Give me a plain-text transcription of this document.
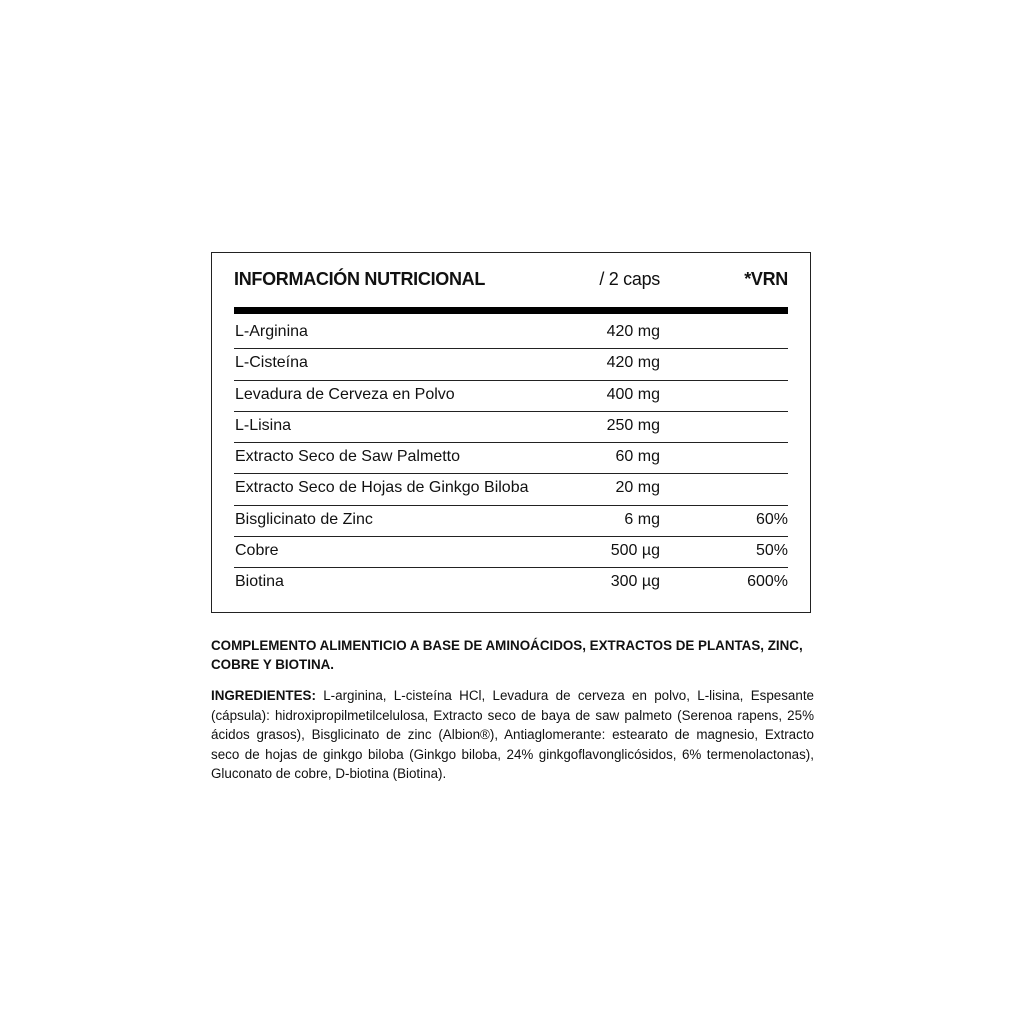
INFORMACIÓN NUTRICIONAL	/ 2 caps	*VRN
L-Arginina	420 mg
L-Cisteína	420 mg
Levadura de Cerveza en Polvo	400 mg
L-Lisina	250 mg
Extracto Seco de Saw Palmetto	60 mg
Extracto Seco de Hojas de Ginkgo Biloba	20 mg
Bisglicinato de Zinc	6 mg	60%
Cobre	500 µg	50%
Biotina	300 µg	600%
COMPLEMENTO ALIMENTICIO A BASE DE AMINOÁCIDOS, EXTRACTOS DE PLANTAS, ZINC, COBRE Y BIOTINA.
INGREDIENTES: L-arginina, L-cisteína HCl, Levadura de cerveza en polvo, L-lisina, Espesante (cápsula): hidroxipropilmetilcelulosa, Extracto seco de baya de saw palmeto (Serenoa rapens, 25% ácidos grasos), Bisglicinato de zinc (Albion®), Antiaglomerante: estearato de magnesio, Extracto seco de hojas de ginkgo biloba (Ginkgo biloba, 24% ginkgoflavonglicósidos, 6% termenolactonas), Gluconato de cobre, D-biotina (Biotina).
